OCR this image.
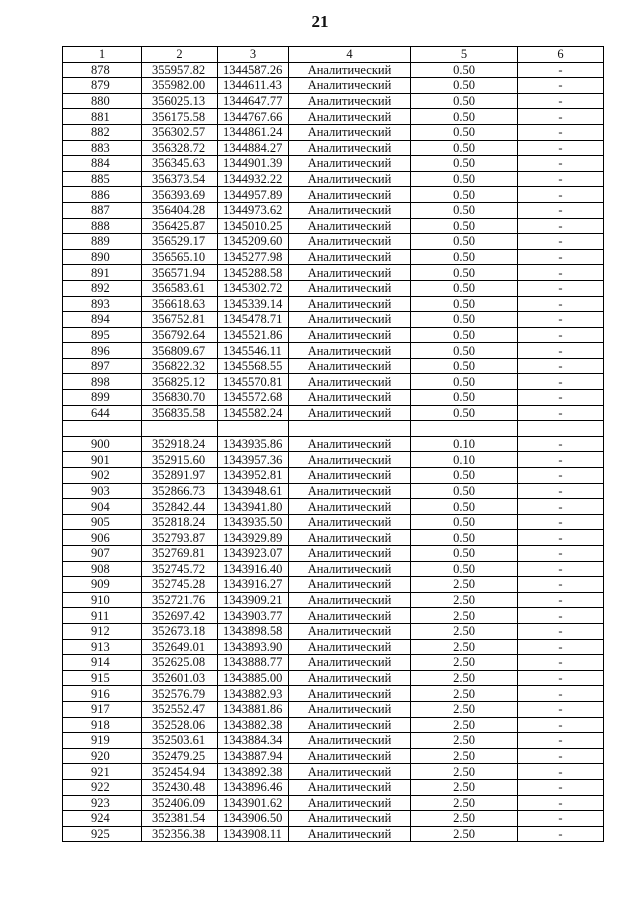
21
1	2	3	4	5	6
878	355957.82	1344587.26	Аналитический	0.50	-
879	355982.00	1344611.43	Аналитический	0.50	-
880	356025.13	1344647.77	Аналитический	0.50	-
881	356175.58	1344767.66	Аналитический	0.50	-
882	356302.57	1344861.24	Аналитический	0.50	-
883	356328.72	1344884.27	Аналитический	0.50	-
884	356345.63	1344901.39	Аналитический	0.50	-
885	356373.54	1344932.22	Аналитический	0.50	-
886	356393.69	1344957.89	Аналитический	0.50	-
887	356404.28	1344973.62	Аналитический	0.50	-
888	356425.87	1345010.25	Аналитический	0.50	-
889	356529.17	1345209.60	Аналитический	0.50	-
890	356565.10	1345277.98	Аналитический	0.50	-
891	356571.94	1345288.58	Аналитический	0.50	-
892	356583.61	1345302.72	Аналитический	0.50	-
893	356618.63	1345339.14	Аналитический	0.50	-
894	356752.81	1345478.71	Аналитический	0.50	-
895	356792.64	1345521.86	Аналитический	0.50	-
896	356809.67	1345546.11	Аналитический	0.50	-
897	356822.32	1345568.55	Аналитический	0.50	-
898	356825.12	1345570.81	Аналитический	0.50	-
899	356830.70	1345572.68	Аналитический	0.50	-
644	356835.58	1345582.24	Аналитический	0.50	-

900	352918.24	1343935.86	Аналитический	0.10	-
901	352915.60	1343957.36	Аналитический	0.10	-
902	352891.97	1343952.81	Аналитический	0.50	-
903	352866.73	1343948.61	Аналитический	0.50	-
904	352842.44	1343941.80	Аналитический	0.50	-
905	352818.24	1343935.50	Аналитический	0.50	-
906	352793.87	1343929.89	Аналитический	0.50	-
907	352769.81	1343923.07	Аналитический	0.50	-
908	352745.72	1343916.40	Аналитический	0.50	-
909	352745.28	1343916.27	Аналитический	2.50	-
910	352721.76	1343909.21	Аналитический	2.50	-
911	352697.42	1343903.77	Аналитический	2.50	-
912	352673.18	1343898.58	Аналитический	2.50	-
913	352649.01	1343893.90	Аналитический	2.50	-
914	352625.08	1343888.77	Аналитический	2.50	-
915	352601.03	1343885.00	Аналитический	2.50	-
916	352576.79	1343882.93	Аналитический	2.50	-
917	352552.47	1343881.86	Аналитический	2.50	-
918	352528.06	1343882.38	Аналитический	2.50	-
919	352503.61	1343884.34	Аналитический	2.50	-
920	352479.25	1343887.94	Аналитический	2.50	-
921	352454.94	1343892.38	Аналитический	2.50	-
922	352430.48	1343896.46	Аналитический	2.50	-
923	352406.09	1343901.62	Аналитический	2.50	-
924	352381.54	1343906.50	Аналитический	2.50	-
925	352356.38	1343908.11	Аналитический	2.50	-
